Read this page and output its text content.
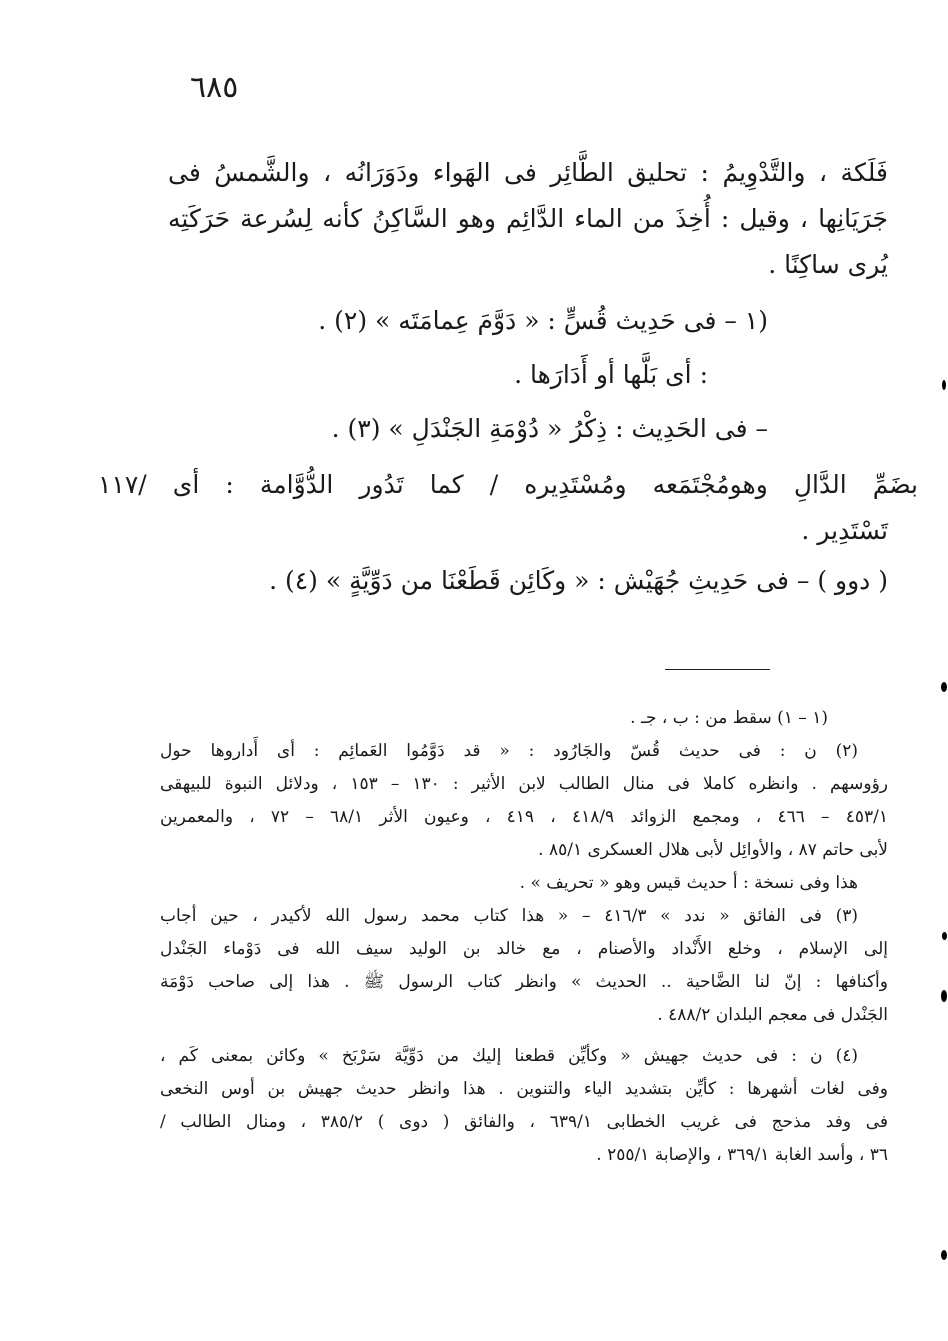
٦٨٥
فَلَكة ، والتَّدْوِيمُ : تحليق الطَّائِر فى الهَواء ودَوَرَانُه ، والشَّمسُ فى
جَرَيَانِها ، وقيل : أُخِذَ من الماء الدَّائِم وهو السَّاكِنُ كأنه لِسُرعة حَرَكَتِه
يُرى ساكِنًا .
(١ – فى حَدِيث قُسٍّ : « دَوَّمَ عِمامَتَه » (٢) .
: أى بَلَّها أو أَدَارَها .
– فى الحَدِيث : ذِكْرُ « دُوْمَةِ الجَنْدَلِ » (٣) .
بضَمِّ الدَّالِ وهومُجْتَمَعه ومُسْتَدِيره / كما تَدُور الدُّوَّامة : أى /١١٧
تَسْتَدِير .
( دوو ) – فى حَدِيثِ جُهَيْش : « وكَائِن قَطَعْنَا من دَوِّيَّةٍ » (٤) .
(١ – ١) سقط من : ب ، جـ .
(٢) ن : فى حديث قُسّ والجَارُود : « قد دَوَّمُوا العَمائِم : أى أَداروها حول
رؤوسهم . وانظره كاملا فى منال الطالب لابن الأثير : ١٣٠ – ١٥٣ ، ودلائل النبوة للبيهقى
٤٥٣/١ – ٤٦٦ ، ومجمع الزوائد ٤١٨/٩ ، ٤١٩ ، وعيون الأثر ٦٨/١ – ٧٢ ، والمعمرين
لأبى حاتم ٨٧ ، والأوائِل لأبى هلال العسكرى ٨٥/١ .
هذا وفى نسخة : أ حديث قيس وهو « تحريف » .
(٣) فى الفائق « ندد » ٤١٦/٣ – « هذا كتاب محمد رسول الله لأكيدر ، حين أجاب
إلى الإسلام ، وخلع الأَنْداد والأصنام ، مع خالد بن الوليد سيف الله فى دَوْماء الجَنْدل
وأكنافها : إنّ لنا الضَّاحية .. الحديث » وانظر كتاب الرسول ﷺ . هذا إلى صاحب دَوْمَة
الجَنْدل فى معجم البلدان ٤٨٨/٢ .
(٤) ن : فى حديث جهيش « وكأيِّن قطعنا إليك من دَوِّيَّة سَرْبَخ » وكائن بمعنى كَم ،
وفى لغات أشهرها : كأيِّن بتشديد الياء والتنوين . هذا وانظر حديث جهيش بن أوس النخعى
فى وفد مذحج فى غريب الخطابى ٦٣٩/١ ، والفائق ( دوى ) ٣٨٥/٢ ، ومنال الطالب /
٣٦ ، وأسد الغابة ٣٦٩/١ ، والإصابة ٢٥٥/١ .
